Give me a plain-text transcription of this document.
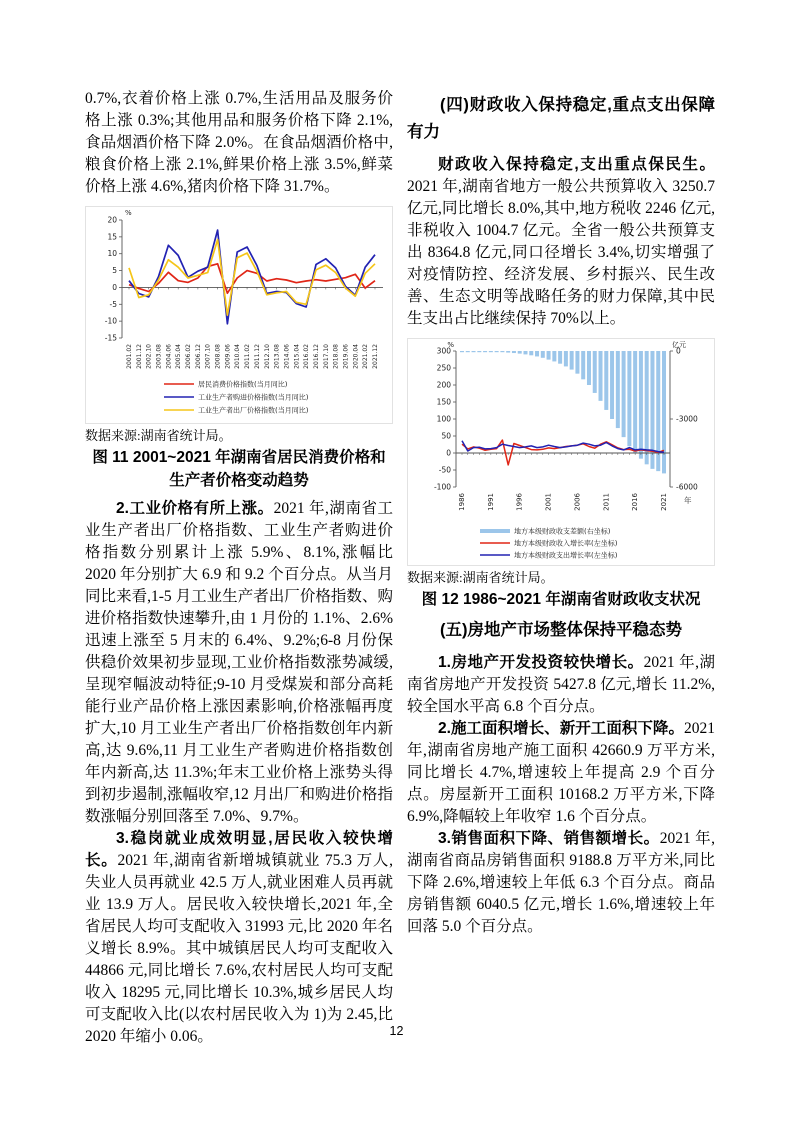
0.7%,衣着价格上涨 0.7%,生活用品及服务价格上涨 0.3%;其他用品和服务价格下降 2.1%,食品烟酒价格下降 2.0%。在食品烟酒价格中,粮食价格上涨 2.1%,鲜果价格上涨 3.5%,鲜菜价格上涨 4.6%,猪肉价格下降 31.7%。

%
20
15
10
5
0
-5
-10
-15
2001.02 2001.12 2002.10 2003.08 2004.06 2005.04 2006.02 2006.12 2007.10 2008.08 2009.06 2010.04 2011.02 2011.12 2012.10 2013.08 2014.06 2015.04 2016.02 2016.12 2017.10 2018.08 2019.06 2020.04 2021.02 2021.12
居民消费价格指数(当月同比)
工业生产者购进价格指数(当月同比)
工业生产者出厂价格指数(当月同比)

数据来源:湖南省统计局。

图 11 2001~2021 年湖南省居民消费价格和生产者价格变动趋势

2.工业价格有所上涨。2021 年,湖南省工业生产者出厂价格指数、工业生产者购进价格指数分别累计上涨 5.9%、8.1%,涨幅比 2020 年分别扩大 6.9 和 9.2 个百分点。从当月同比来看,1-5 月工业生产者出厂价格指数、购进价格指数快速攀升,由 1 月份的 1.1%、2.6%迅速上涨至 5 月末的 6.4%、9.2%;6-8 月份保供稳价效果初步显现,工业价格指数涨势减缓,呈现窄幅波动特征;9-10 月受煤炭和部分高耗能行业产品价格上涨因素影响,价格涨幅再度扩大,10 月工业生产者出厂价格指数创年内新高,达 9.6%,11 月工业生产者购进价格指数创年内新高,达 11.3%;年末工业价格上涨势头得到初步遏制,涨幅收窄,12 月出厂和购进价格指数涨幅分别回落至 7.0%、9.7%。

3.稳岗就业成效明显,居民收入较快增长。2021 年,湖南省新增城镇就业 75.3 万人,失业人员再就业 42.5 万人,就业困难人员再就业 13.9 万人。居民收入较快增长,2021 年,全省居民人均可支配收入 31993 元,比 2020 年名义增长 8.9%。其中城镇居民人均可支配收入 44866 元,同比增长 7.6%,农村居民人均可支配收入 18295 元,同比增长 10.3%,城乡居民人均可支配收入比(以农村居民收入为 1)为 2.45,比 2020 年缩小 0.06。

(四)财政收入保持稳定,重点支出保障有力

财政收入保持稳定,支出重点保民生。2021 年,湖南省地方一般公共预算收入 3250.7 亿元,同比增长 8.0%,其中,地方税收 2246 亿元,非税收入 1004.7 亿元。全省一般公共预算支出 8364.8 亿元,同口径增长 3.4%,切实增强了对疫情防控、经济发展、乡村振兴、民生改善、生态文明等战略任务的财力保障,其中民生支出占比继续保持 70%以上。

%	亿元
300
250
200
150
100
50
0
-50
-100
0
-3000
-6000
1986	1991	1996	2001	2006	2011	2016	2021 年
地方本级财政收支差额(右坐标)
地方本级财政收入增长率(左坐标)
地方本级财政支出增长率(左坐标)

数据来源:湖南省统计局。

图 12 1986~2021 年湖南省财政收支状况

(五)房地产市场整体保持平稳态势

1.房地产开发投资较快增长。2021 年,湖南省房地产开发投资 5427.8 亿元,增长 11.2%,较全国水平高 6.8 个百分点。

2.施工面积增长、新开工面积下降。2021 年,湖南省房地产施工面积 42660.9 万平方米,同比增长 4.7%,增速较上年提高 2.9 个百分点。房屋新开工面积 10168.2 万平方米,下降 6.9%,降幅较上年收窄 1.6 个百分点。

3.销售面积下降、销售额增长。2021 年,湖南省商品房销售面积 9188.8 万平方米,同比下降 2.6%,增速较上年低 6.3 个百分点。商品房销售额 6040.5 亿元,增长 1.6%,增速较上年回落 5.0 个百分点。

12
